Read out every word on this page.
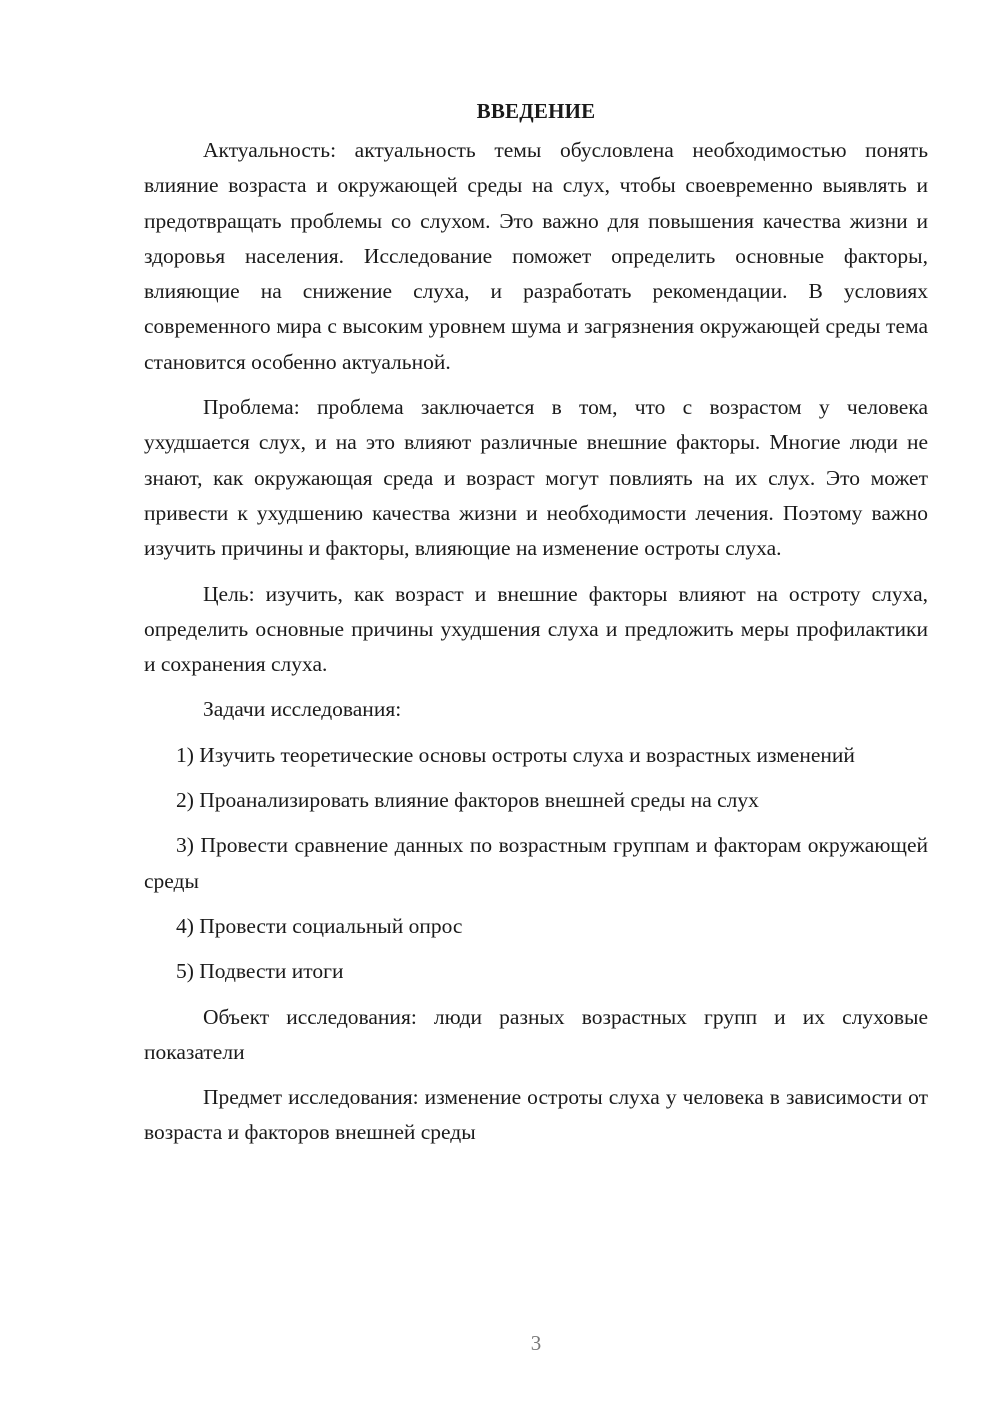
ВВЕДЕНИЕ

Актуальность: актуальность темы обусловлена необходимостью понять влияние возраста и окружающей среды на слух, чтобы своевременно выявлять и предотвращать проблемы со слухом. Это важно для повышения качества жизни и здоровья населения. Исследование поможет определить основные факторы, влияющие на снижение слуха, и разработать рекомендации. В условиях современного мира с высоким уровнем шума и загрязнения окружающей среды тема становится особенно актуальной.

Проблема: проблема заключается в том, что с возрастом у человека ухудшается слух, и на это влияют различные внешние факторы. Многие люди не знают, как окружающая среда и возраст могут повлиять на их слух. Это может привести к ухудшению качества жизни и необходимости лечения. Поэтому важно изучить причины и факторы, влияющие на изменение остроты слуха.

Цель: изучить, как возраст и внешние факторы влияют на остроту слуха, определить основные причины ухудшения слуха и предложить меры профилактики и сохранения слуха.

Задачи исследования:

1) Изучить теоретические основы остроты слуха и возрастных изменений

2) Проанализировать влияние факторов внешней среды на слух

3) Провести сравнение данных по возрастным группам и факторам окружающей среды

4) Провести социальный опрос

5) Подвести итоги

Объект исследования: люди разных возрастных групп и их слуховые показатели

Предмет исследования: изменение остроты слуха у человека в зависимости от возраста и факторов внешней среды

3
